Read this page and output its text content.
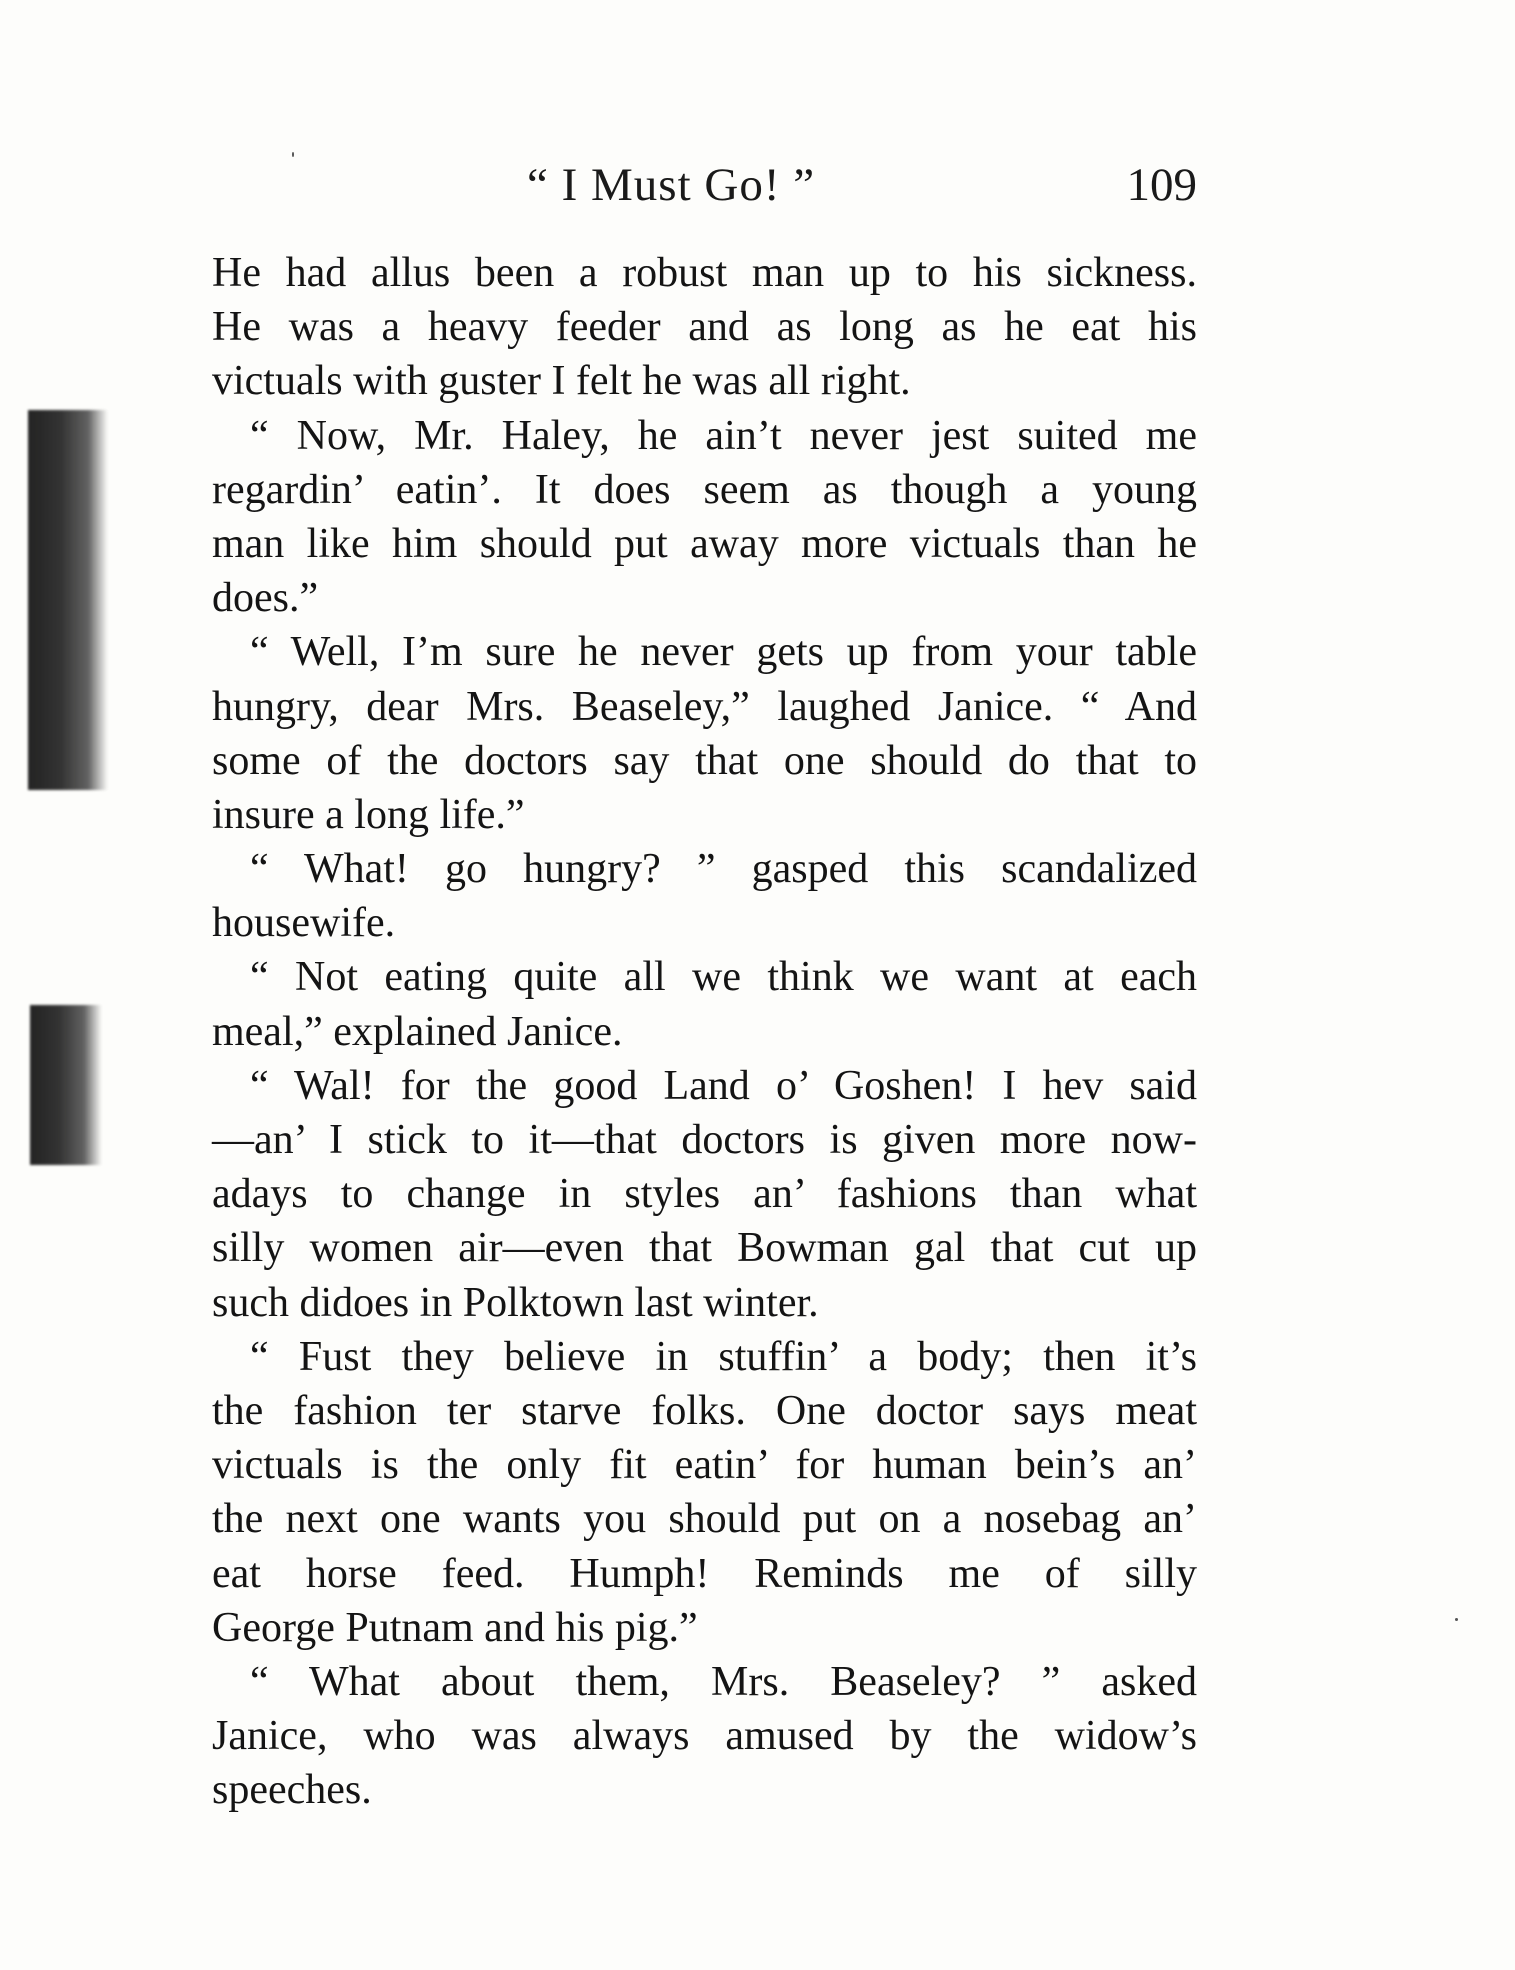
“ I Must Go! ”	109
He had allus been a robust man up to his sickness.
He was a heavy feeder and as long as he eat his
victuals with guster I felt he was all right.
“ Now, Mr. Haley, he ain’t never jest suited me
regardin’ eatin’. It does seem as though a young
man like him should put away more victuals than he
does.”
“ Well, I’m sure he never gets up from your table
hungry, dear Mrs. Beaseley,” laughed Janice. “ And
some of the doctors say that one should do that to
insure a long life.”
“ What! go hungry? ” gasped this scandalized
housewife.
“ Not eating quite all we think we want at each
meal,” explained Janice.
“ Wal! for the good Land o’ Goshen! I hev said
—an’ I stick to it—that doctors is given more now-
adays to change in styles an’ fashions than what
silly women air—even that Bowman gal that cut up
such didoes in Polktown last winter.
“ Fust they believe in stuffin’ a body; then it’s
the fashion ter starve folks. One doctor says meat
victuals is the only fit eatin’ for human bein’s an’
the next one wants you should put on a nosebag an’
eat horse feed. Humph! Reminds me of silly
George Putnam and his pig.”
“ What about them, Mrs. Beaseley? ” asked
Janice, who was always amused by the widow’s
speeches.
